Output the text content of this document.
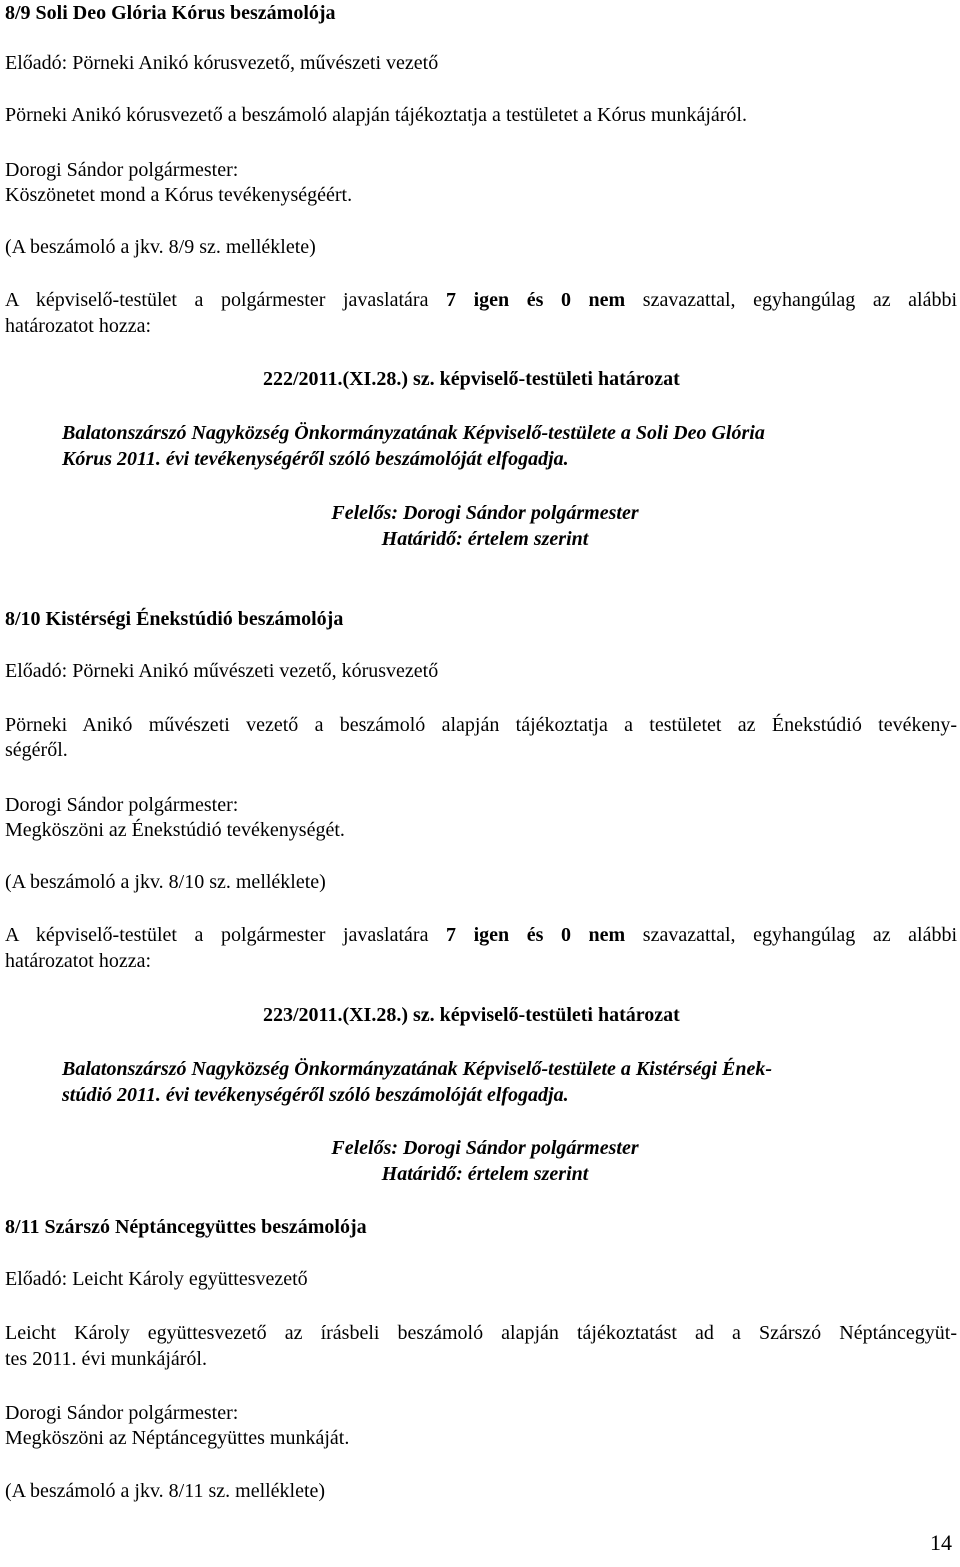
8/9 Soli Deo Glória Kórus beszámolója
Előadó: Pörneki Anikó kórusvezető, művészeti vezető
Pörneki Anikó kórusvezető a beszámoló alapján tájékoztatja a testületet a Kórus munkájáról.
Dorogi Sándor polgármester:
Köszönetet mond a Kórus tevékenységéért.
(A beszámoló a jkv. 8/9 sz. melléklete)
A képviselő-testület a polgármester javaslatára 7 igen és 0 nem szavazattal, egyhangúlag az alábbi
határozatot hozza:
222/2011.(XI.28.) sz. képviselő-testületi határozat
Balatonszárszó Nagyközség Önkormányzatának Képviselő-testülete a Soli Deo Glória
Kórus 2011. évi tevékenységéről szóló beszámolóját elfogadja.
Felelős: Dorogi Sándor polgármester
Határidő: értelem szerint
8/10 Kistérségi Énekstúdió beszámolója
Előadó: Pörneki Anikó művészeti vezető, kórusvezető
Pörneki Anikó művészeti vezető a beszámoló alapján tájékoztatja a testületet az Énekstúdió tevékeny-
ségéről.
Dorogi Sándor polgármester:
Megköszöni az Énekstúdió tevékenységét.
(A beszámoló a jkv. 8/10 sz. melléklete)
A képviselő-testület a polgármester javaslatára 7 igen és 0 nem szavazattal, egyhangúlag az alábbi
határozatot hozza:
223/2011.(XI.28.) sz. képviselő-testületi határozat
Balatonszárszó Nagyközség Önkormányzatának Képviselő-testülete a Kistérségi Ének-
stúdió 2011. évi tevékenységéről szóló beszámolóját elfogadja.
Felelős: Dorogi Sándor polgármester
Határidő: értelem szerint
8/11 Szárszó Néptáncegyüttes beszámolója
Előadó: Leicht Károly együttesvezető
Leicht Károly együttesvezető az írásbeli beszámoló alapján tájékoztatást ad a Szárszó Néptáncegyüt-
tes 2011. évi munkájáról.
Dorogi Sándor polgármester:
Megköszöni az Néptáncegyüttes munkáját.
(A beszámoló a jkv. 8/11 sz. melléklete)
14
